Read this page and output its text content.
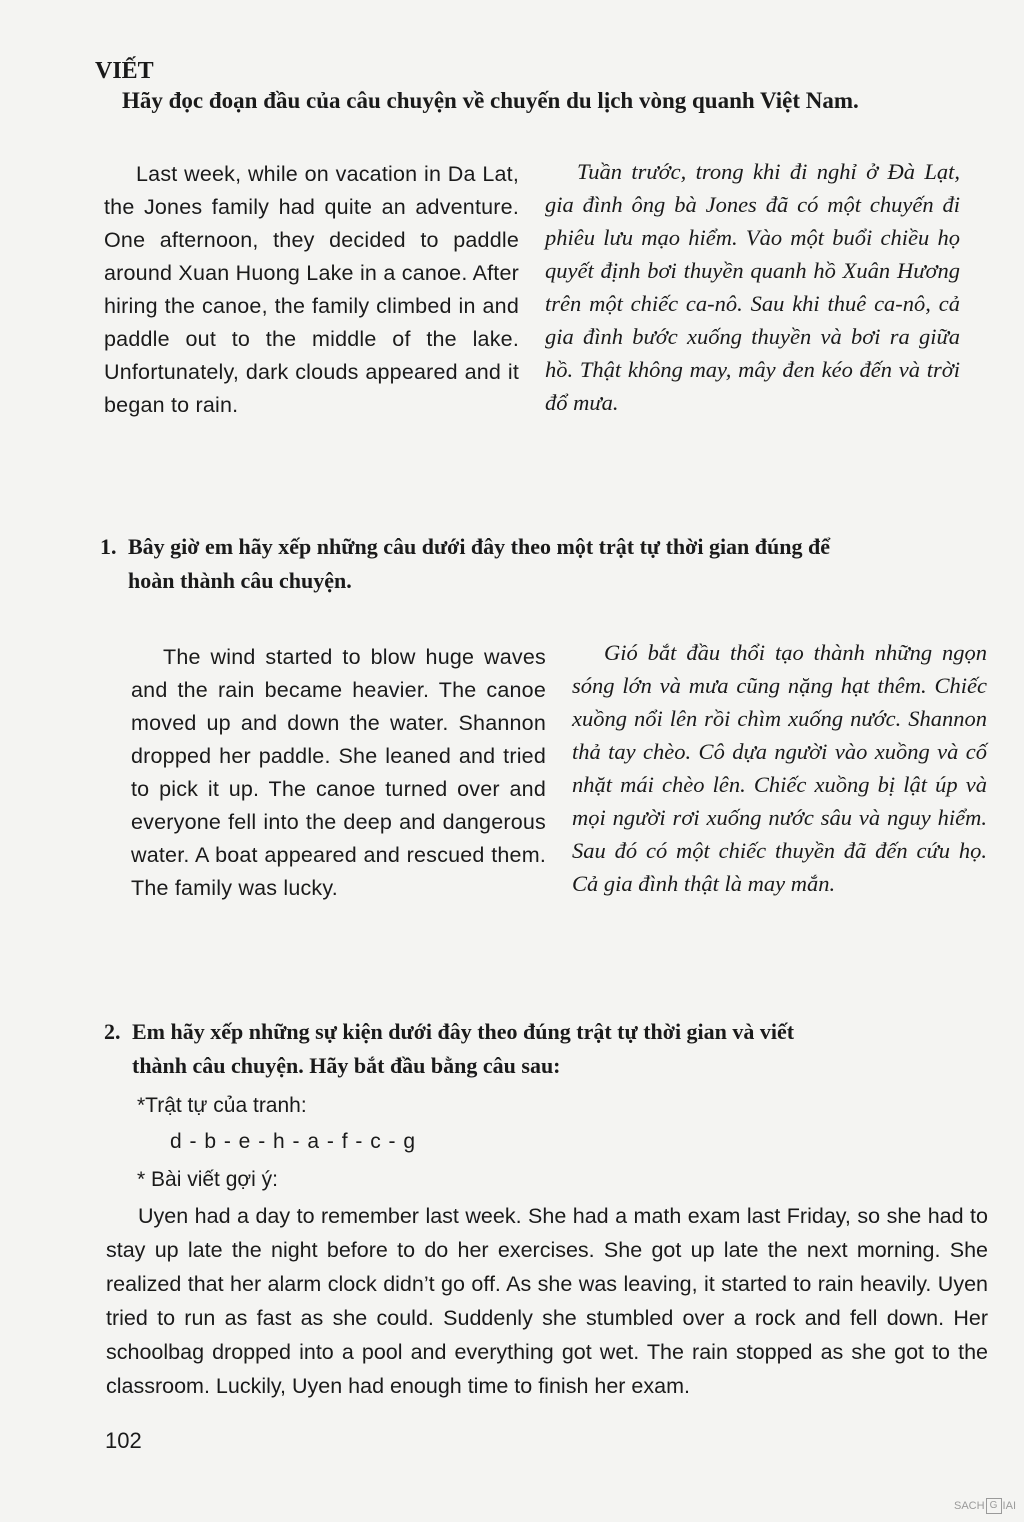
VIẾT

Hãy đọc đoạn đầu của câu chuyện về chuyến du lịch vòng quanh Việt Nam.

Last week, while on vacation in Da Lat, the Jones family had quite an adventure. One afternoon, they decided to paddle around Xuan Huong Lake in a canoe. After hiring the canoe, the family climbed in and paddle out to the middle of the lake. Unfortunately, dark clouds appeared and it began to rain.

Tuần trước, trong khi đi nghỉ ở Đà Lạt, gia đình ông bà Jones đã có một chuyến đi phiêu lưu mạo hiểm. Vào một buổi chiều họ quyết định bơi thuyền quanh hồ Xuân Hương trên một chiếc ca-nô. Sau khi thuê ca-nô, cả gia đình bước xuống thuyền và bơi ra giữa hồ. Thật không may, mây đen kéo đến và trời đổ mưa.

1. Bây giờ em hãy xếp những câu dưới đây theo một trật tự thời gian đúng để
hoàn thành câu chuyện.

The wind started to blow huge waves and the rain became heavier. The canoe moved up and down the water. Shannon dropped her paddle. She leaned and tried to pick it up. The canoe turned over and everyone fell into the deep and dangerous water. A boat appeared and rescued them. The family was lucky.

Gió bắt đầu thổi tạo thành những ngọn sóng lớn và mưa cũng nặng hạt thêm. Chiếc xuồng nổi lên rồi chìm xuống nước. Shannon thả tay chèo. Cô dựa người vào xuồng và cố nhặt mái chèo lên. Chiếc xuồng bị lật úp và mọi người rơi xuống nước sâu và nguy hiểm. Sau đó có một chiếc thuyền đã đến cứu họ. Cả gia đình thật là may mắn.

2. Em hãy xếp những sự kiện dưới đây theo đúng trật tự thời gian và viết
thành câu chuyện. Hãy bắt đầu bằng câu sau:

*Trật tự của tranh:

d - b - e - h - a - f - c - g

* Bài viết gợi ý:

Uyen had a day to remember last week. She had a math exam last Friday, so she had to stay up late the night before to do her exercises. She got up late the next morning. She realized that her alarm clock didn’t go off. As she was leaving, it started to rain heavily. Uyen tried to run as fast as she could. Suddenly she stumbled over a rock and fell down. Her schoolbag dropped into a pool and everything got wet. The rain stopped as she got to the classroom. Luckily, Uyen had enough time to finish her exam.

102

SACH G IAI
